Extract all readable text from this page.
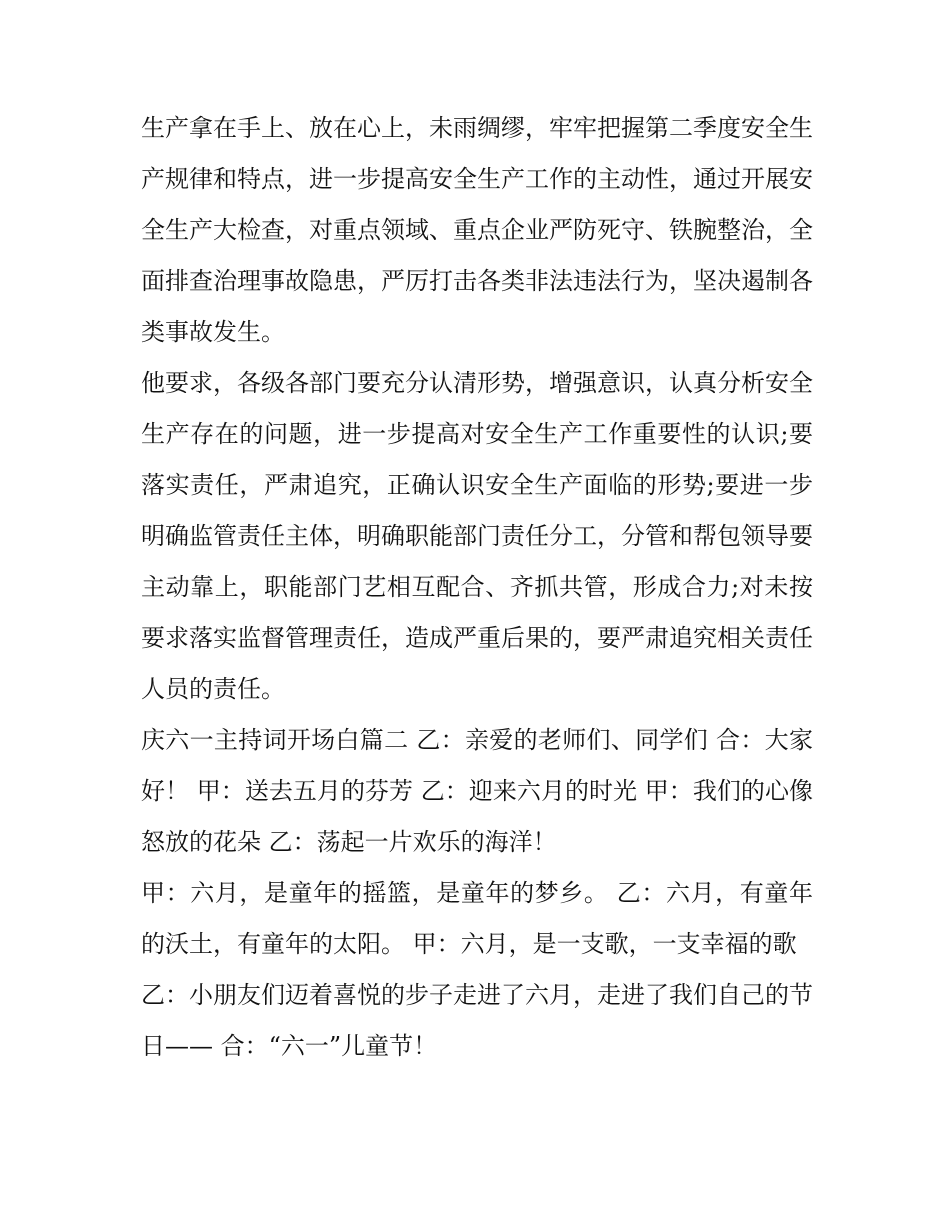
生产拿在手上、放在心上，未雨绸缪，牢牢把握第二季度安全生产规律和特点，进一步提高安全生产工作的主动性，通过开展安全生产大检查，对重点领域、重点企业严防死守、铁腕整治，全面排查治理事故隐患，严厉打击各类非法违法行为，坚决遏制各类事故发生。

他要求，各级各部门要充分认清形势，增强意识，认真分析安全生产存在的问题，进一步提高对安全生产工作重要性的认识;要落实责任，严肃追究，正确认识安全生产面临的形势;要进一步明确监管责任主体，明确职能部门责任分工，分管和帮包领导要主动靠上，职能部门艺相互配合、齐抓共管，形成合力;对未按要求落实监督管理责任，造成严重后果的，要严肃追究相关责任人员的责任。

庆六一主持词开场白篇二 乙：亲爱的老师们、同学们 合：大家好！ 甲：送去五月的芬芳 乙：迎来六月的时光 甲：我们的心像怒放的花朵 乙：荡起一片欢乐的海洋！

甲：六月，是童年的摇篮，是童年的梦乡。 乙：六月，有童年的沃土，有童年的太阳。 甲：六月，是一支歌，一支幸福的歌

乙：小朋友们迈着喜悦的步子走进了六月，走进了我们自己的节日—— 合：“六一”儿童节！
